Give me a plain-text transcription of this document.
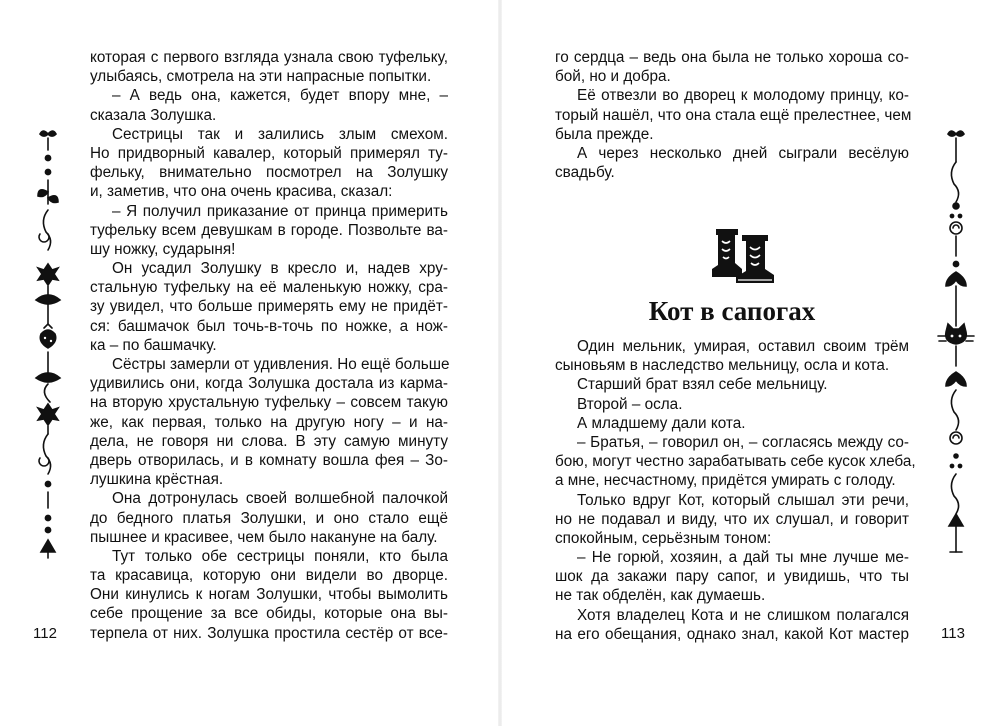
которая с первого взгляда узнала свою туфельку,
улыбаясь, смотрела на эти напрасные попытки.
– А ведь она, кажется, будет впору мне, –
сказала Золушка.
Сестрицы так и залились злым смехом.
Но придворный кавалер, который примерял ту-
фельку, внимательно посмотрел на Золушку
и, заметив, что она очень красива, сказал:
– Я получил приказание от принца примерить
туфельку всем девушкам в городе. Позвольте ва-
шу ножку, сударыня!
Он усадил Золушку в кресло и, надев хру-
стальную туфельку на её маленькую ножку, сра-
зу увидел, что больше примерять ему не придёт-
ся: башмачок был точь-в-точь по ножке, а нож-
ка – по башмачку.
Сёстры замерли от удивления. Но ещё больше
удивились они, когда Золушка достала из карма-
на вторую хрустальную туфельку – совсем такую
же, как первая, только на другую ногу – и на-
дела, не говоря ни слова. В эту самую минуту
дверь отворилась, и в комнату вошла фея – Зо-
лушкина крёстная.
Она дотронулась своей волшебной палочкой
до бедного платья Золушки, и оно стало ещё
пышнее и красивее, чем было накануне на балу.
Тут только обе сестрицы поняли, кто была
та красавица, которую они видели во дворце.
Они кинулись к ногам Золушки, чтобы вымолить
себе прощение за все обиды, которые она вы-
терпела от них. Золушка простила сестёр от все-
го сердца – ведь она была не только хороша со-
бой, но и добра.
Её отвезли во дворец к молодому принцу, ко-
торый нашёл, что она стала ещё прелестнее, чем
была прежде.
А через несколько дней сыграли весёлую
свадьбу.
Кот в сапогах
Один мельник, умирая, оставил своим трём
сыновьям в наследство мельницу, осла и кота.
Старший брат взял себе мельницу.
Второй – осла.
А младшему дали кота.
– Братья, – говорил он, – согласясь между со-
бою, могут честно зарабатывать себе кусок хлеба,
а мне, несчастному, придётся умирать с голоду.
Только вдруг Кот, который слышал эти речи,
но не подавал и виду, что их слушал, и говорит
спокойным, серьёзным тоном:
– Не горюй, хозяин, а дай ты мне лучше ме-
шок да закажи пару сапог, и увидишь, что ты
не так обделён, как думаешь.
Хотя владелец Кота и не слишком полагался
на его обещания, однако знал, какой Кот мастер
112	113
